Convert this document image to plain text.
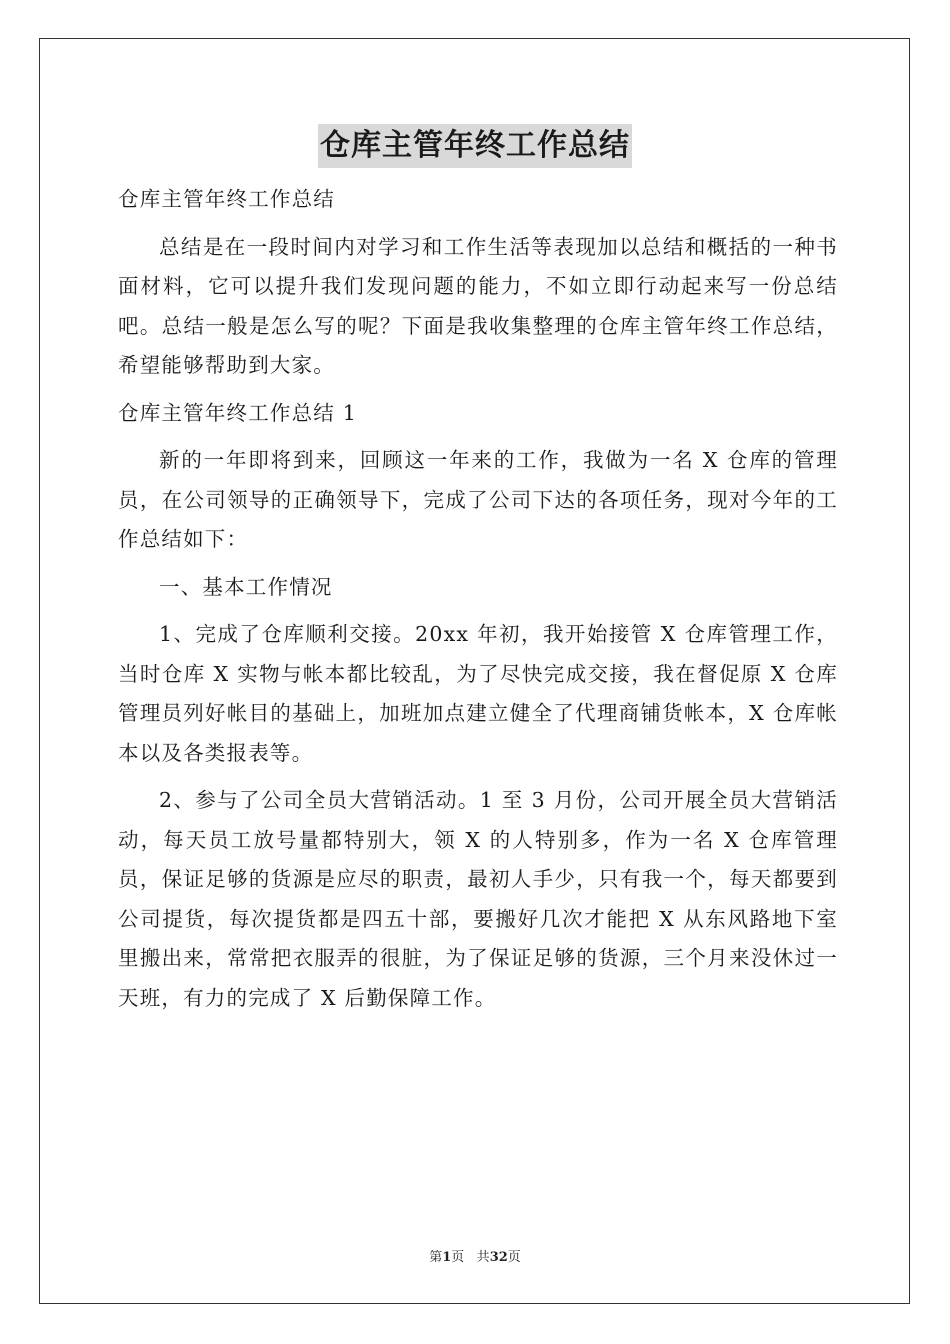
仓库主管年终工作总结

仓库主管年终工作总结

总结是在一段时间内对学习和工作生活等表现加以总结和概括的一种书面材料，它可以提升我们发现问题的能力，不如立即行动起来写一份总结吧。总结一般是怎么写的呢？下面是我收集整理的仓库主管年终工作总结，希望能够帮助到大家。

仓库主管年终工作总结 1

新的一年即将到来，回顾这一年来的工作，我做为一名 X 仓库的管理员，在公司领导的正确领导下，完成了公司下达的各项任务，现对今年的工作总结如下：

一、基本工作情况

1、完成了仓库顺利交接。20xx 年初，我开始接管 X 仓库管理工作，当时仓库 X 实物与帐本都比较乱，为了尽快完成交接，我在督促原 X 仓库管理员列好帐目的基础上，加班加点建立健全了代理商铺货帐本，X 仓库帐本以及各类报表等。

2、参与了公司全员大营销活动。1 至 3 月份，公司开展全员大营销活动，每天员工放号量都特别大，领 X 的人特别多，作为一名 X 仓库管理员，保证足够的货源是应尽的职责，最初人手少，只有我一个，每天都要到公司提货，每次提货都是四五十部，要搬好几次才能把 X 从东风路地下室里搬出来，常常把衣服弄的很脏，为了保证足够的货源，三个月来没休过一天班，有力的完成了 X 后勤保障工作。

第1页 共32页
